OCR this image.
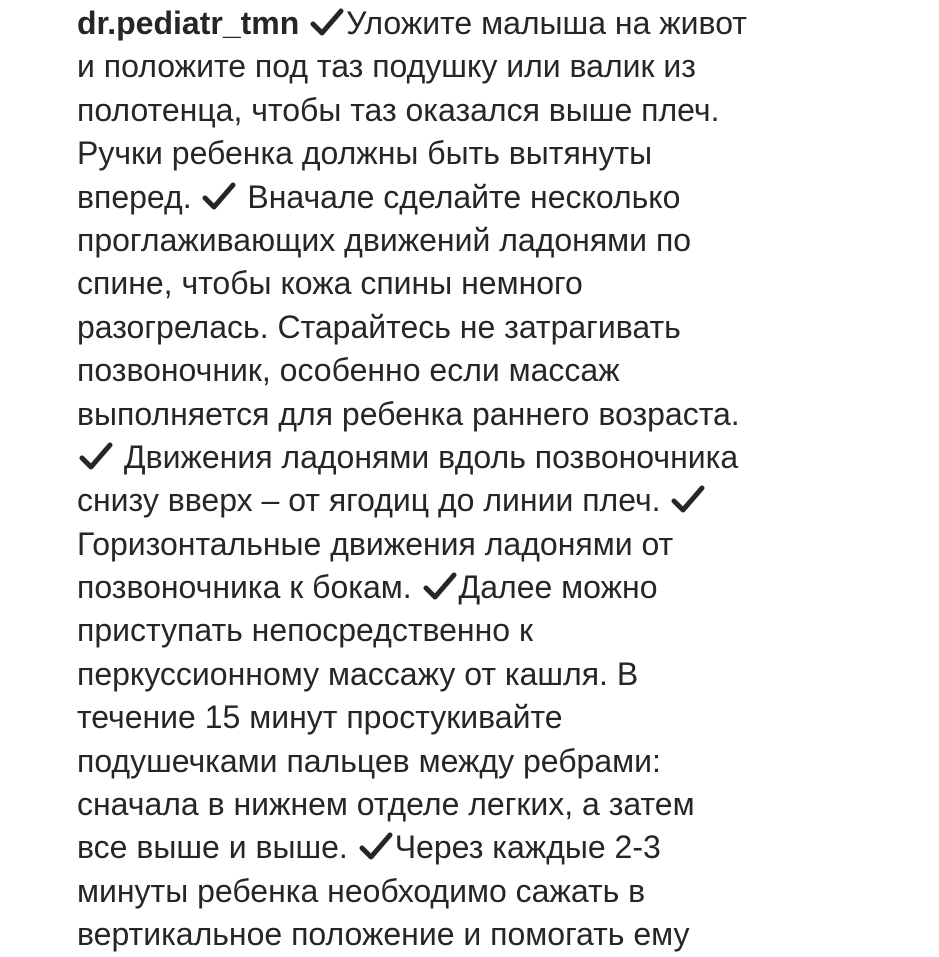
dr.pediatr_tmn Уложите малыша на живот
и положите под таз подушку или валик из
полотенца, чтобы таз оказался выше плеч.
Ручки ребенка должны быть вытянуты
вперед. Вначале сделайте несколько
проглаживающих движений ладонями по
спине, чтобы кожа спины немного
разогрелась. Старайтесь не затрагивать
позвоночник, особенно если массаж
выполняется для ребенка раннего возраста.
Движения ладонями вдоль позвоночника
снизу вверх – от ягодиц до линии плеч.
Горизонтальные движения ладонями от
позвоночника к бокам. Далее можно
приступать непосредственно к
перкуссионному массажу от кашля. В
течение 15 минут простукивайте
подушечками пальцев между ребрами:
сначала в нижнем отделе легких, а затем
все выше и выше. Через каждые 2-3
минуты ребенка необходимо сажать в
вертикальное положение и помогать ему
